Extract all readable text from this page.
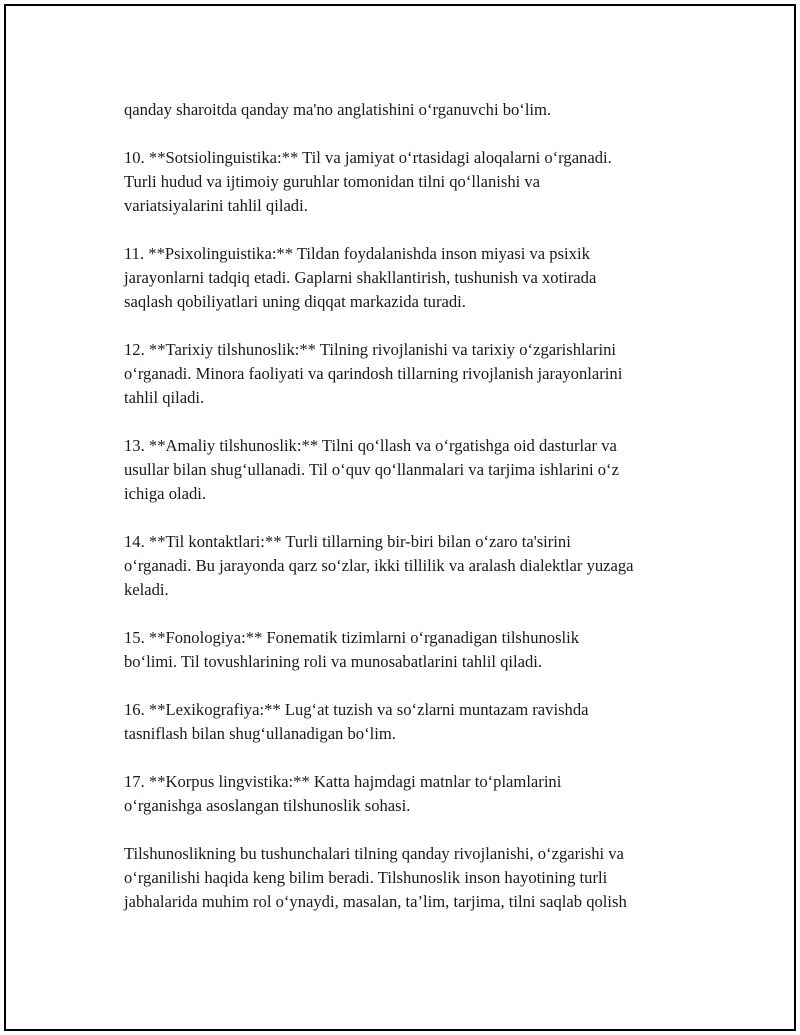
qanday sharoitda qanday ma'no anglatishini o‘rganuvchi bo‘lim.

10. **Sotsiolinguistika:** Til va jamiyat o‘rtasidagi aloqalarni o‘rganadi.
Turli hudud va ijtimoiy guruhlar tomonidan tilni qo‘llanishi va
variatsiyalarini tahlil qiladi.

11. **Psixolinguistika:** Tildan foydalanishda inson miyasi va psixik
jarayonlarni tadqiq etadi. Gaplarni shakllantirish, tushunish va xotirada
saqlash qobiliyatlari uning diqqat markazida turadi.

12. **Tarixiy tilshunoslik:** Tilning rivojlanishi va tarixiy o‘zgarishlarini
o‘rganadi. Minora faoliyati va qarindosh tillarning rivojlanish jarayonlarini
tahlil qiladi.

13. **Amaliy tilshunoslik:** Tilni qo‘llash va o‘rgatishga oid dasturlar va
usullar bilan shug‘ullanadi. Til o‘quv qo‘llanmalari va tarjima ishlarini o‘z
ichiga oladi.

14. **Til kontaktlari:** Turli tillarning bir-biri bilan o‘zaro ta'sirini
o‘rganadi. Bu jarayonda qarz so‘zlar, ikki tillilik va aralash dialektlar yuzaga
keladi.

15. **Fonologiya:** Fonematik tizimlarni o‘rganadigan tilshunoslik
bo‘limi. Til tovushlarining roli va munosabatlarini tahlil qiladi.

16. **Lexikografiya:** Lug‘at tuzish va so‘zlarni muntazam ravishda
tasniflash bilan shug‘ullanadigan bo‘lim.

17. **Korpus lingvistika:** Katta hajmdagi matnlar to‘plamlarini
o‘rganishga asoslangan tilshunoslik sohasi.

Tilshunoslikning bu tushunchalari tilning qanday rivojlanishi, o‘zgarishi va
o‘rganilishi haqida keng bilim beradi. Tilshunoslik inson hayotining turli
jabhalarida muhim rol o‘ynaydi, masalan, ta’lim, tarjima, tilni saqlab qolish
